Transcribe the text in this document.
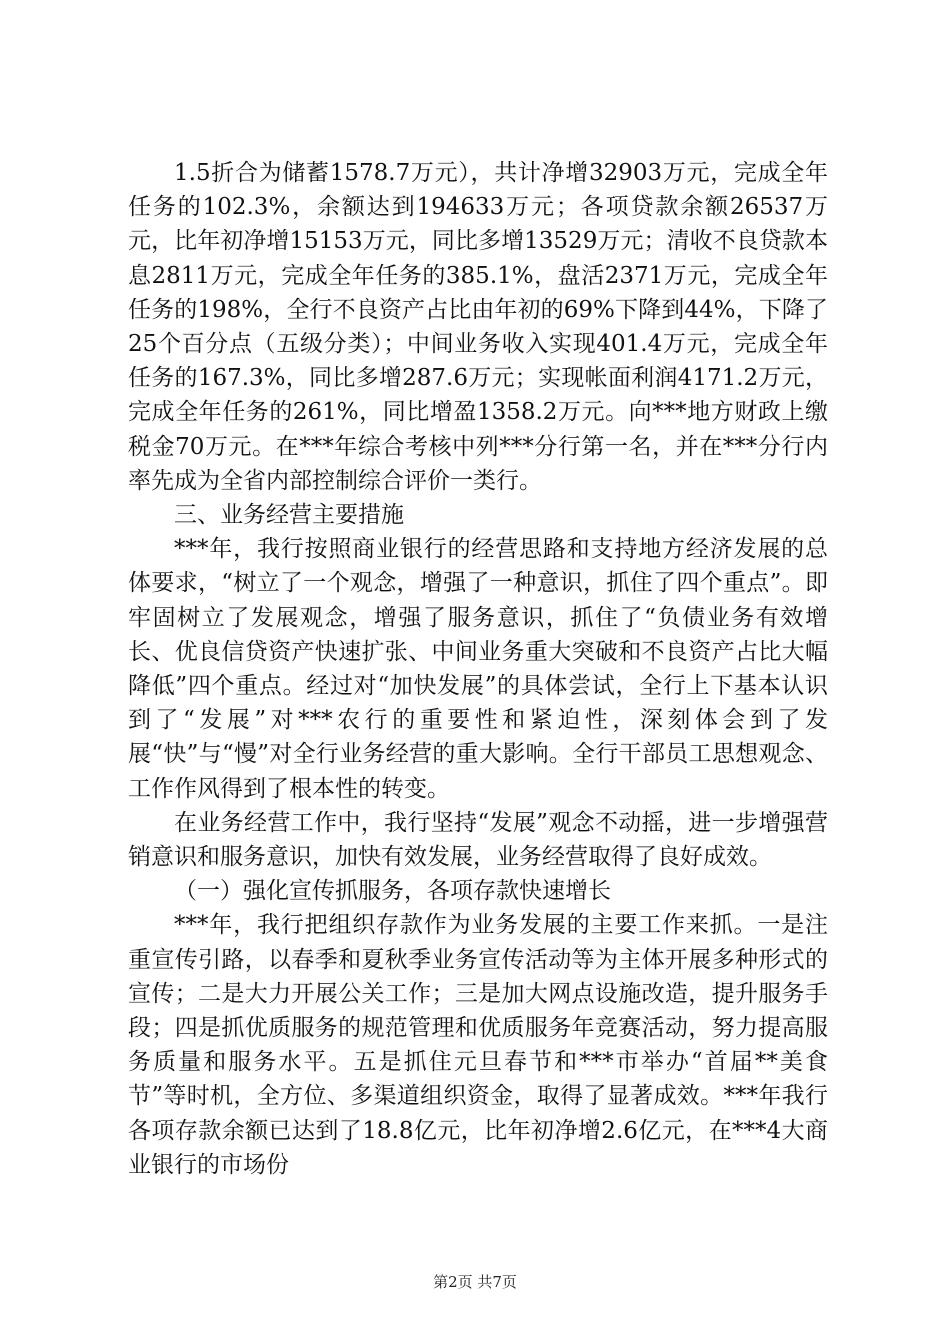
1.5折合为储蓄1578.7万元），共计净增32903万元，完成全年任务的102.3%，余额达到194633万元；各项贷款余额26537万元，比年初净增15153万元，同比多增13529万元；清收不良贷款本息2811万元，完成全年任务的385.1%，盘活2371万元，完成全年任务的198%，全行不良资产占比由年初的69%下降到44%，下降了25个百分点（五级分类）；中间业务收入实现401.4万元，完成全年任务的167.3%，同比多增287.6万元；实现帐面利润4171.2万元，完成全年任务的261%，同比增盈1358.2万元。向***地方财政上缴税金70万元。在***年综合考核中列***分行第一名，并在***分行内率先成为全省内部控制综合评价一类行。

三、业务经营主要措施

***年，我行按照商业银行的经营思路和支持地方经济发展的总体要求，“树立了一个观念，增强了一种意识，抓住了四个重点”。即牢固树立了发展观念，增强了服务意识，抓住了“负债业务有效增长、优良信贷资产快速扩张、中间业务重大突破和不良资产占比大幅降低”四个重点。经过对“加快发展”的具体尝试，全行上下基本认识到了“发展”对***农行的重要性和紧迫性，深刻体会到了发展“快”与“慢”对全行业务经营的重大影响。全行干部员工思想观念、工作作风得到了根本性的转变。

在业务经营工作中，我行坚持“发展”观念不动摇，进一步增强营销意识和服务意识，加快有效发展，业务经营取得了良好成效。

（一）强化宣传抓服务，各项存款快速增长

***年，我行把组织存款作为业务发展的主要工作来抓。一是注重宣传引路，以春季和夏秋季业务宣传活动等为主体开展多种形式的宣传；二是大力开展公关工作；三是加大网点设施改造，提升服务手段；四是抓优质服务的规范管理和优质服务年竞赛活动，努力提高服务质量和服务水平。五是抓住元旦春节和***市举办“首届**美食节”等时机，全方位、多渠道组织资金，取得了显著成效。***年我行各项存款余额已达到了18.8亿元，比年初净增2.6亿元，在***4大商业银行的市场份

第2页 共7页
